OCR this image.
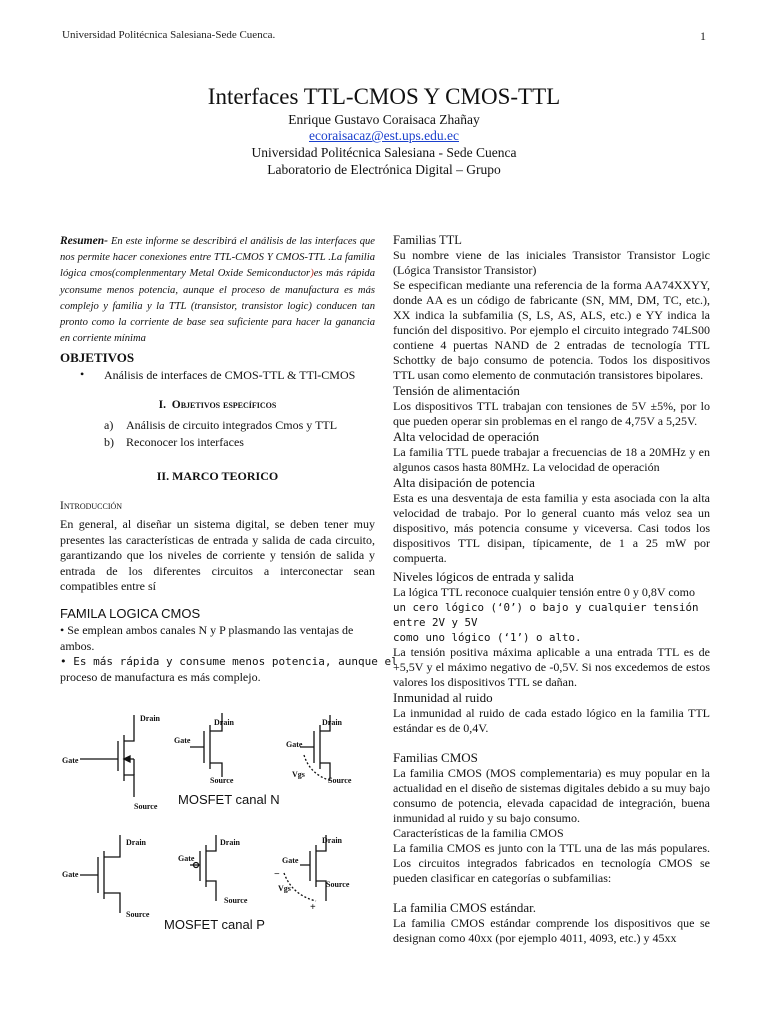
Universidad Politécnica Salesiana-Sede Cuenca.	1
Interfaces TTL-CMOS Y CMOS-TTL
Enrique Gustavo Coraisaca Zhañay
ecoraisacaz@est.ups.edu.ec
Universidad Politécnica Salesiana - Sede Cuenca
Laboratorio de Electrónica Digital – Grupo
Resumen- En este informe se describirá el análisis de las interfaces que nos permite hacer conexiones entre TTL-CMOS Y CMOS-TTL .La familia lógica cmos(complenmentary Metal Oxide Semiconductor)es más rápida yconsume menos potencia, aunque el proceso de manufactura es más complejo y familia y la TTL (transistor, transistor logic) conducen tan pronto como la corriente de base sea suficiente para hacer la ganancia en corriente mínima
OBJETIVOS
• Análisis de interfaces de CMOS-TTL & TTl-CMOS
I. Objetivos específicos
a) Análisis de circuito integrados Cmos y TTL
b) Reconocer los interfaces
II. MARCO TEORICO
Introducción
En general, al diseñar un sistema digital, se deben tener muy presentes las características de entrada y salida de cada circuito, garantizando que los niveles de corriente y tensión de salida y entrada de los diferentes circuitos a interconectar sean compatibles entre sí
FAMILA LOGICA CMOS
• Se emplean ambos canales N y P plasmando las ventajas de ambos.
• Es más rápida y consume menos potencia, aunque el
proceso de manufactura es más complejo.
Drain
Gate
Source
Drain
Gate
Source
Drain
Gate
Vgs
Source
Drain
Gate
Source
Drain
Gate
Source
Drain
Gate
Vgs	Source
−
+
MOSFET canal N
MOSFET canal P

Familias TTL

Su nombre viene de las iniciales Transistor Transistor Logic (Lógica Transistor Transistor)

Se especifican mediante una referencia de la forma AA74XXYY, donde AA es un código de fabricante (SN, MM, DM, TC, etc.), XX indica la subfamilia (S, LS, AS, ALS, etc.) e YY indica la función del dispositivo. Por ejemplo el circuito integrado 74LS00 contiene 4 puertas NAND de 2 entradas de tecnología TTL Schottky de bajo consumo de potencia. Todos los dispositivos TTL usan como elemento de conmutación transistores bipolares.

Tensión de alimentación

Los dispositivos TTL trabajan con tensiones de 5V ±5%, por lo que pueden operar sin problemas en el rango de 4,75V a 5,25V.

Alta velocidad de operación

La familia TTL puede trabajar a frecuencias de 18 a 20MHz y en algunos casos hasta 80MHz. La velocidad de operación

Alta disipación de potencia

Esta es una desventaja de esta familia y esta asociada con la alta velocidad de trabajo. Por lo general cuanto más veloz sea un dispositivo, más potencia consume y viceversa. Casi todos los dispositivos TTL disipan, típicamente, de 1 a 25 mW por compuerta.

Niveles lógicos de entrada y salida

La lógica TTL reconoce cualquier tensión entre 0 y 0,8V como

un cero lógico (‘0’) o bajo y cualquier tensión entre 2V y 5V

como uno lógico (‘1’) o alto.

La tensión positiva máxima aplicable a una entrada TTL es de +5,5V y el máximo negativo de -0,5V. Si nos excedemos de estos valores los dispositivos TTL se dañan.

Inmunidad al ruido

La inmunidad al ruido de cada estado lógico en la familia TTL estándar es de 0,4V.

Familias CMOS

La familia CMOS (MOS complementaria) es muy popular en la actualidad en el diseño de sistemas digitales debido a su muy bajo consumo de potencia, elevada capacidad de integración, buena inmunidad al ruido y su bajo consumo.

Características de la familia CMOS

La familia CMOS es junto con la TTL una de las más populares. Los circuitos integrados fabricados en tecnología CMOS se pueden clasificar en categorías o subfamilias:

La familia CMOS estándar.

La familia CMOS estándar comprende los dispositivos que se designan como 40xx (por ejemplo 4011, 4093, etc.) y 45xx
